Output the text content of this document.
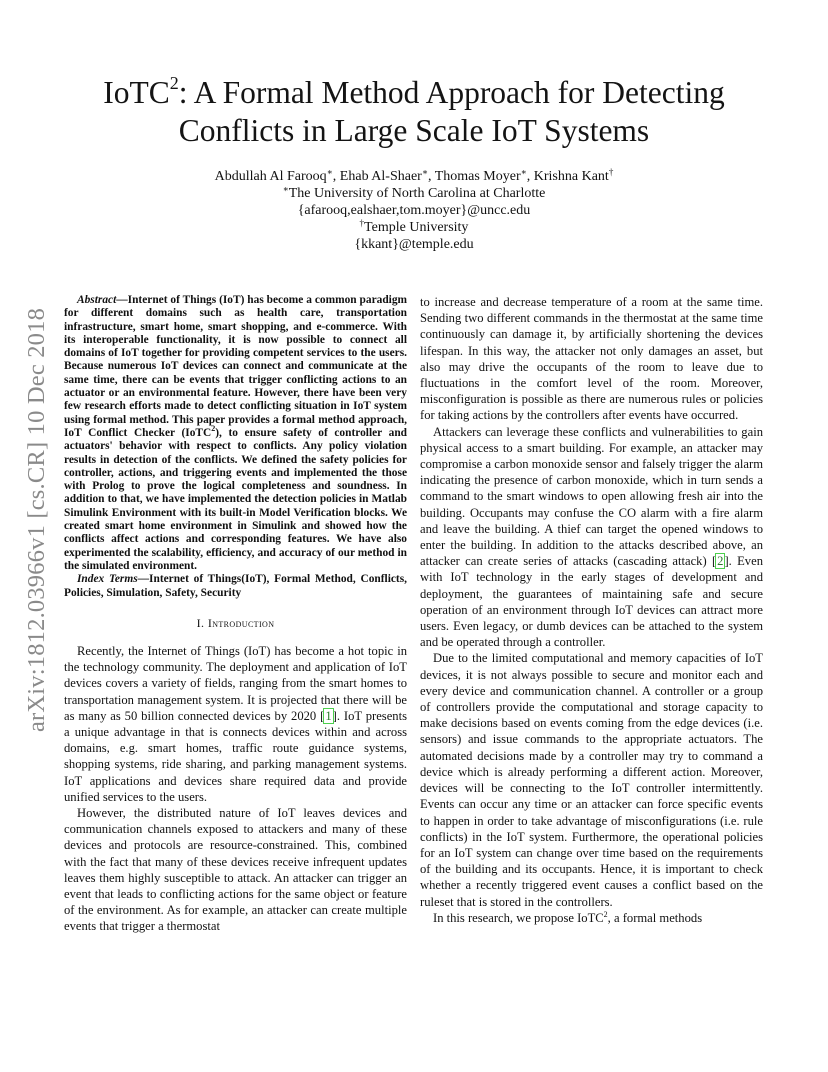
arXiv:1812.03966v1 [cs.CR] 10 Dec 2018
IoTC$^2$: A Formal Method Approach for Detecting
Conflicts in Large Scale IoT Systems
Abdullah Al Farooq∗, Ehab Al-Shaer∗, Thomas Moyer∗, Krishna Kant†
∗The University of North Carolina at Charlotte
{afarooq,ealshaer,tom.moyer}@uncc.edu
†Temple University
{kkant}@temple.edu

Abstract—Internet of Things (IoT) has become a common paradigm for different domains such as health care, transportation infrastructure, smart home, smart shopping, and e-commerce. With its interoperable functionality, it is now possible to connect all domains of IoT together for providing competent services to the users. Because numerous IoT devices can connect and communicate at the same time, there can be events that trigger conflicting actions to an actuator or an environmental feature. However, there have been very few research efforts made to detect conflicting situation in IoT system using formal method. This paper provides a formal method approach, IoT Conflict Checker (IoTC$^2$), to ensure safety of controller and actuators' behavior with respect to conflicts. Any policy violation results in detection of the conflicts. We defined the safety policies for controller, actions, and triggering events and implemented the those with Prolog to prove the logical completeness and soundness. In addition to that, we have implemented the detection policies in Matlab Simulink Environment with its built-in Model Verification blocks. We created smart home environment in Simulink and showed how the conflicts affect actions and corresponding features. We have also experimented the scalability, efficiency, and accuracy of our method in the simulated environment.

Index Terms—Internet of Things(IoT), Formal Method, Conflicts, Policies, Simulation, Safety, Security

I. Introduction

Recently, the Internet of Things (IoT) has become a hot topic in the technology community. The deployment and application of IoT devices covers a variety of fields, ranging from the smart homes to transportation management system. It is projected that there will be as many as 50 billion connected devices by 2020 [1]. IoT presents a unique advantage in that is connects devices within and across domains, e.g. smart homes, traffic route guidance systems, shopping systems, ride sharing, and parking management systems. IoT applications and devices share required data and provide unified services to the users.

However, the distributed nature of IoT leaves devices and communication channels exposed to attackers and many of these devices and protocols are resource-constrained. This, combined with the fact that many of these devices receive infrequent updates leaves them highly susceptible to attack. An attacker can trigger an event that leads to conflicting actions for the same object or feature of the environment. As for example, an attacker can create multiple events that trigger a thermostat

to increase and decrease temperature of a room at the same time. Sending two different commands in the thermostat at the same time continuously can damage it, by artificially shortening the devices lifespan. In this way, the attacker not only damages an asset, but also may drive the occupants of the room to leave due to fluctuations in the comfort level of the room. Moreover, misconfiguration is possible as there are numerous rules or policies for taking actions by the controllers after events have occurred.

Attackers can leverage these conflicts and vulnerabilities to gain physical access to a smart building. For example, an attacker may compromise a carbon monoxide sensor and falsely trigger the alarm indicating the presence of carbon monoxide, which in turn sends a command to the smart windows to open allowing fresh air into the building. Occupants may confuse the CO alarm with a fire alarm and leave the building. A thief can target the opened windows to enter the building. In addition to the attacks described above, an attacker can create series of attacks (cascading attack) [2]. Even with IoT technology in the early stages of development and deployment, the guarantees of maintaining safe and secure operation of an environment through IoT devices can attract more users. Even legacy, or dumb devices can be attached to the system and be operated through a controller.

Due to the limited computational and memory capacities of IoT devices, it is not always possible to secure and monitor each and every device and communication channel. A controller or a group of controllers provide the computational and storage capacity to make decisions based on events coming from the edge devices (i.e. sensors) and issue commands to the appropriate actuators. The automated decisions made by a controller may try to command a device which is already performing a different action. Moreover, devices will be connecting to the IoT controller intermittently. Events can occur any time or an attacker can force specific events to happen in order to take advantage of misconfigurations (i.e. rule conflicts) in the IoT system. Furthermore, the operational policies for an IoT system can change over time based on the requirements of the building and its occupants. Hence, it is important to check whether a recently triggered event causes a conflict based on the ruleset that is stored in the controllers.

In this research, we propose IoTC$^2$, a formal methods
